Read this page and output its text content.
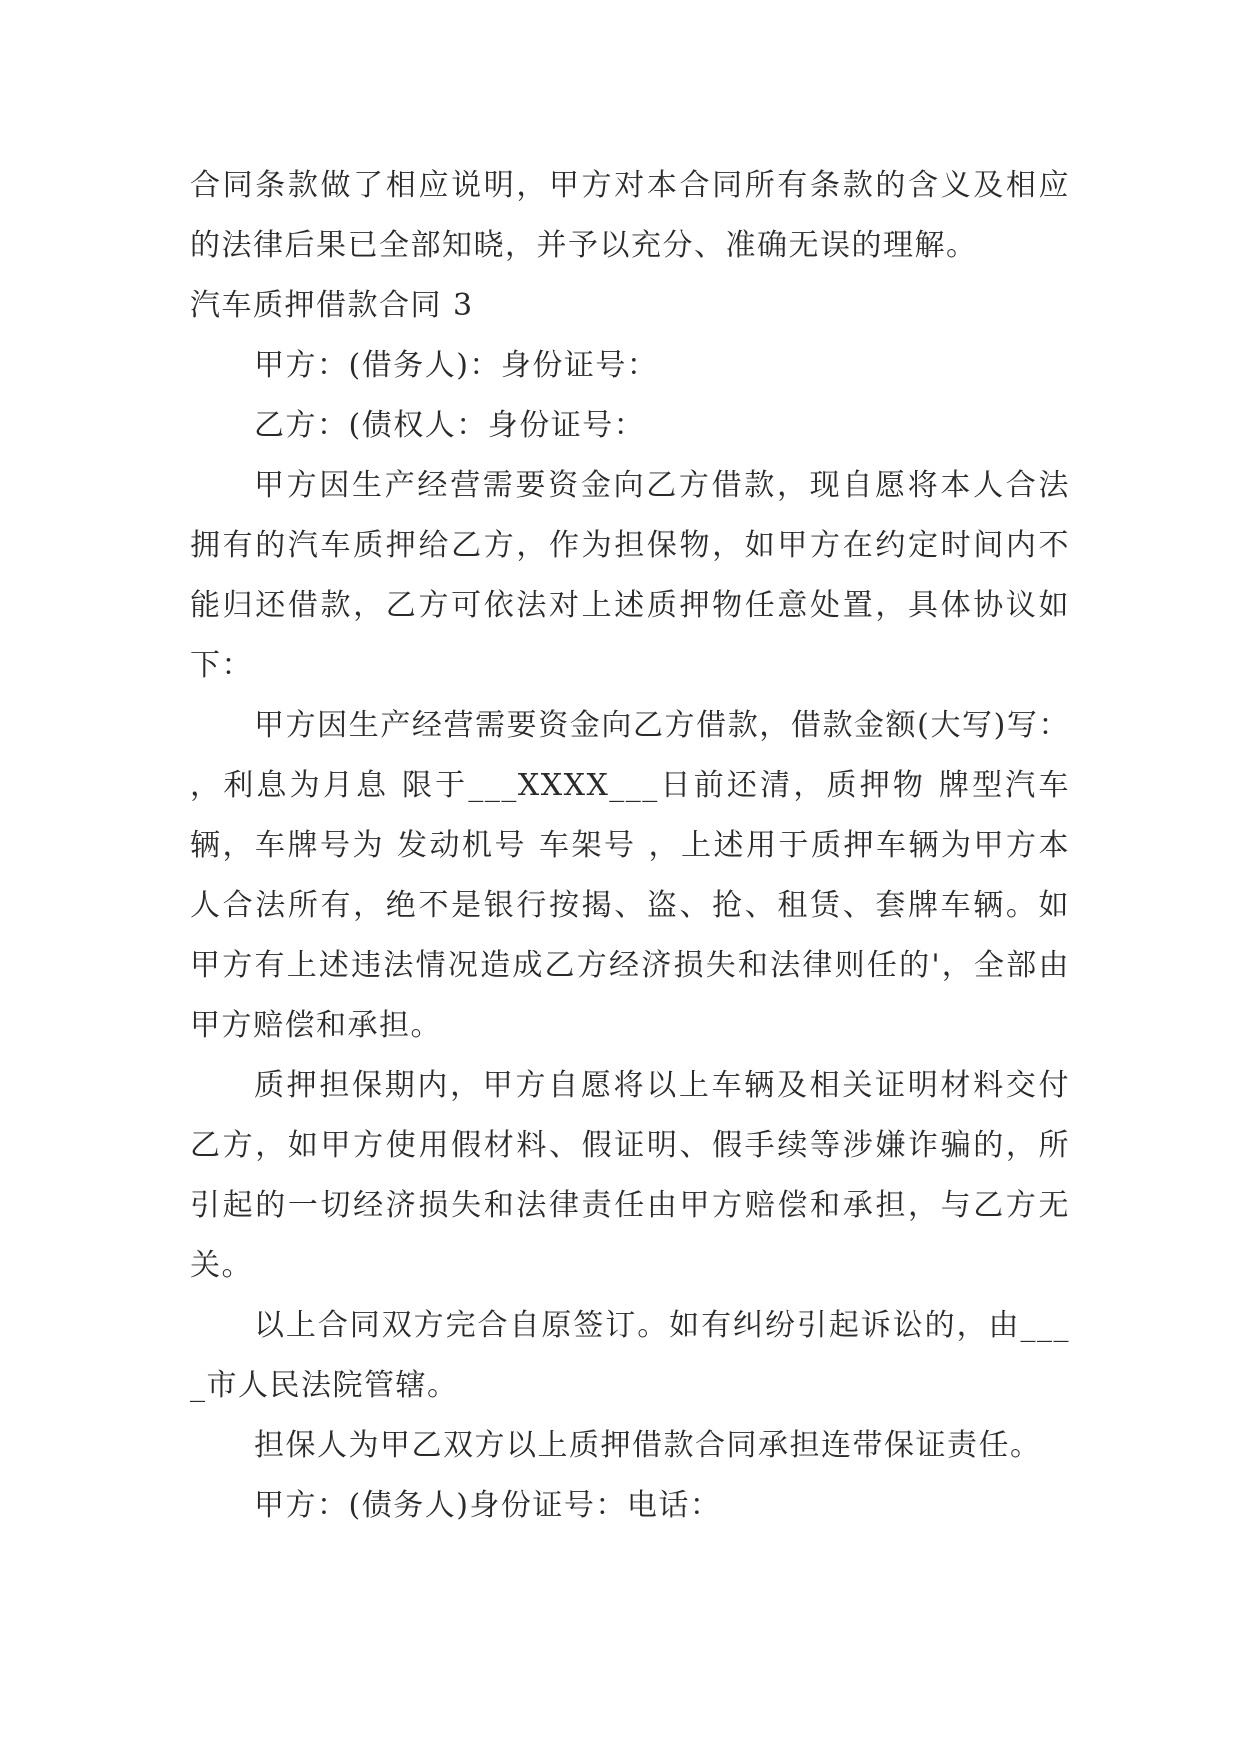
合同条款做了相应说明，甲方对本合同所有条款的含义及相应的法律后果已全部知晓，并予以充分、准确无误的理解。

汽车质押借款合同 3

甲方：(借务人)：身份证号：

乙方：(债权人：身份证号：

甲方因生产经营需要资金向乙方借款，现自愿将本人合法拥有的汽车质押给乙方，作为担保物，如甲方在约定时间内不能归还借款，乙方可依法对上述质押物任意处置，具体协议如下：

甲方因生产经营需要资金向乙方借款，借款金额(大写)写： ，利息为月息 限于___XXXX___日前还清，质押物 牌型汽车 辆，车牌号为 发动机号 车架号 ，上述用于质押车辆为甲方本人合法所有，绝不是银行按揭、盗、抢、租赁、套牌车辆。如甲方有上述违法情况造成乙方经济损失和法律则任的'，全部由甲方赔偿和承担。

质押担保期内，甲方自愿将以上车辆及相关证明材料交付乙方，如甲方使用假材料、假证明、假手续等涉嫌诈骗的，所引起的一切经济损失和法律责任由甲方赔偿和承担，与乙方无关。

以上合同双方完合自原签订。如有纠纷引起诉讼的，由____市人民法院管辖。

担保人为甲乙双方以上质押借款合同承担连带保证责任。

甲方：(债务人)身份证号：电话：
